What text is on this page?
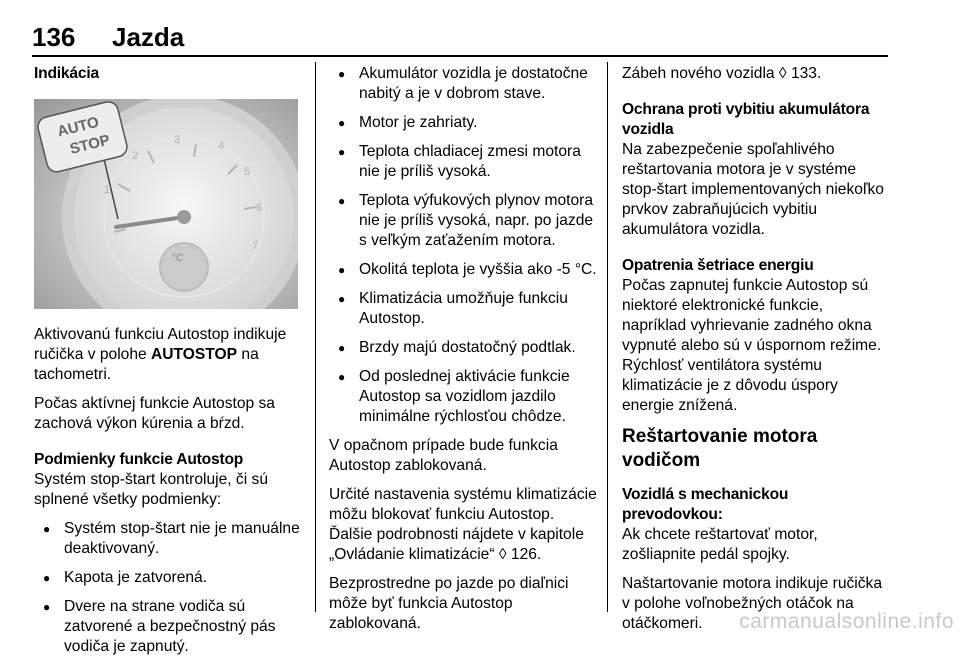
136 Jazda

Indikácia

1
2
3	4
5
6
7
°C
AUTO
STOP

Aktivovanú funkciu Autostop indikuje ručička v polohe AUTOSTOP na tachometri.

Počas aktívnej funkcie Autostop sa zachová výkon kúrenia a bŕzd.

Podmienky funkcie Autostop

Systém stop-štart kontroluje, či sú splnené všetky podmienky:

● Systém stop-štart nie je manuálne deaktivovaný.
● Kapota je zatvorená.
● Dvere na strane vodiča sú zatvorené a bezpečnostný pás vodiča je zapnutý.
● Akumulátor vozidla je dostatočne nabitý a je v dobrom stave.
● Motor je zahriaty.
● Teplota chladiacej zmesi motora nie je príliš vysoká.
● Teplota výfukových plynov motora nie je príliš vysoká, napr. po jazde s veľkým zaťažením motora.
● Okolitá teplota je vyššia ako -5 °C.
● Klimatizácia umožňuje funkciu Autostop.
● Brzdy majú dostatočný podtlak.
● Od poslednej aktivácie funkcie Autostop sa vozidlom jazdilo minimálne rýchlosťou chôdze.

V opačnom prípade bude funkcia Autostop zablokovaná.

Určité nastavenia systému klimatizácie môžu blokovať funkciu Autostop. Ďalšie podrobnosti nájdete v kapitole „Ovládanie klimatizácie“ ◊ 126.

Bezprostredne po jazde po diaľnici môže byť funkcia Autostop zablokovaná.

Zábeh nového vozidla ◊ 133.

Ochrana proti vybitiu akumulátora vozidla

Na zabezpečenie spoľahlivého reštartovania motora je v systéme stop-štart implementovaných niekoľko prvkov zabraňujúcich vybitiu akumulátora vozidla.

Opatrenia šetriace energiu

Počas zapnutej funkcie Autostop sú niektoré elektronické funkcie, napríklad vyhrievanie zadného okna vypnuté alebo sú v úspornom režime. Rýchlosť ventilátora systému klimatizácie je z dôvodu úspory energie znížená.

Reštartovanie motora vodičom

Vozidlá s mechanickou prevodovkou:

Ak chcete reštartovať motor, zošliapnite pedál spojky.

Naštartovanie motora indikuje ručička v polohe voľnobežných otáčok na otáčkomeri.	carmanualsonline.info
